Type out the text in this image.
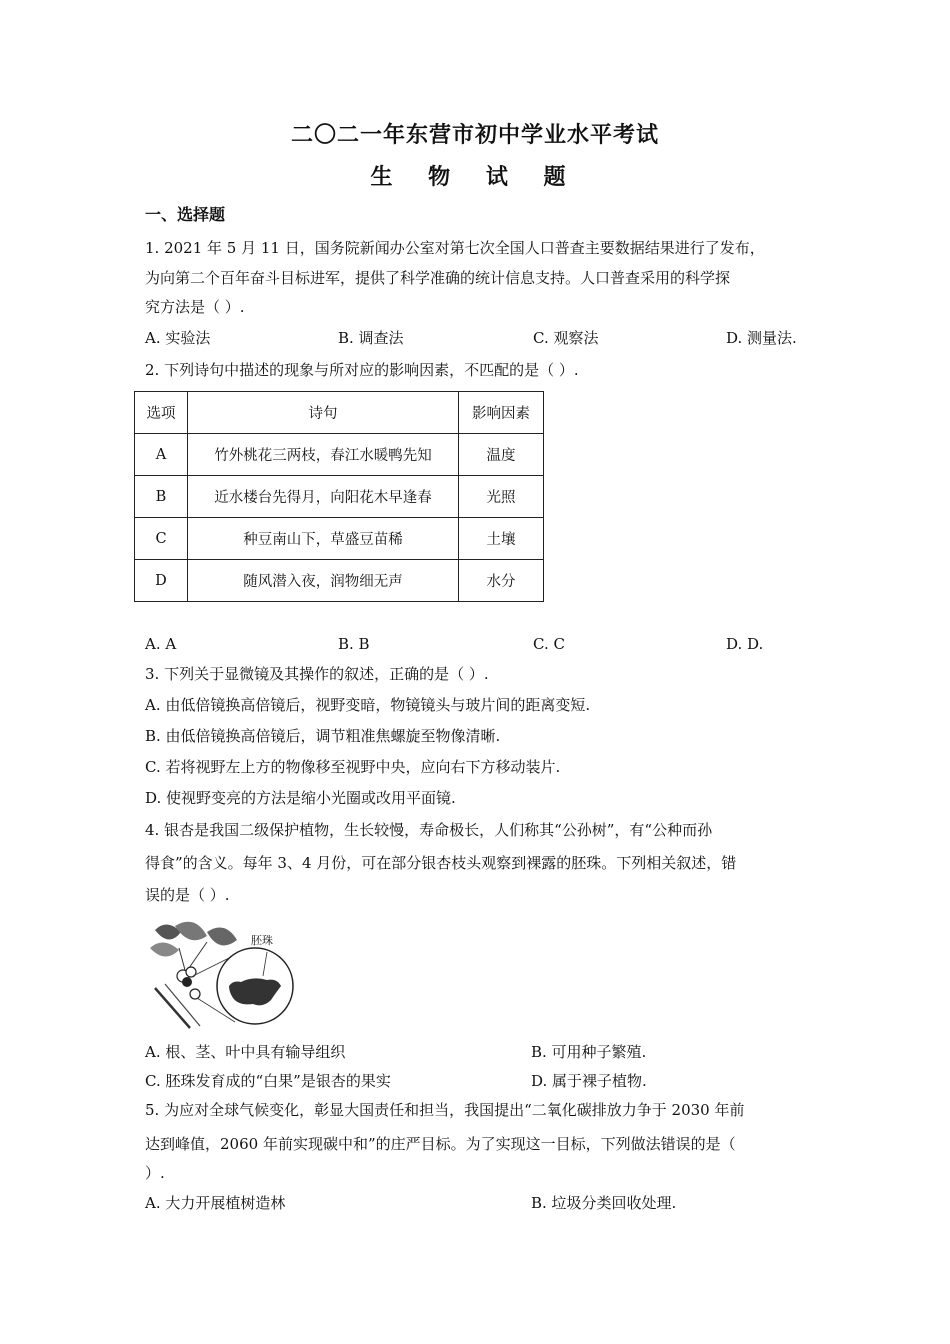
二〇二一年东营市初中学业水平考试
生 物 试 题
一、选择题
1. 2021 年 5 月 11 日，国务院新闻办公室对第七次全国人口普查主要数据结果进行了发布，
为向第二个百年奋斗目标进军，提供了科学准确的统计信息支持。人口普查采用的科学探
究方法是（ ）.
A. 实验法	B. 调查法	C. 观察法	D. 测量法.
2. 下列诗句中描述的现象与所对应的影响因素，不匹配的是（ ）.
选项	诗句	影响因素
A	竹外桃花三两枝，春江水暖鸭先知	温度
B	近水楼台先得月，向阳花木早逢春	光照
C	种豆南山下，草盛豆苗稀	土壤
D	随风潜入夜，润物细无声	水分
A. A	B. B	C. C	D. D.
3. 下列关于显微镜及其操作的叙述，正确的是（ ）.
A. 由低倍镜换高倍镜后，视野变暗，物镜镜头与玻片间的距离变短.
B. 由低倍镜换高倍镜后，调节粗准焦螺旋至物像清晰.
C. 若将视野左上方的物像移至视野中央，应向右下方移动装片.
D. 使视野变亮的方法是缩小光圈或改用平面镜.
4. 银杏是我国二级保护植物，生长较慢，寿命极长，人们称其“公孙树”，有“公种而孙
得食”的含义。每年 3、4 月份，可在部分银杏枝头观察到裸露的胚珠。下列相关叙述，错
误的是（ ）.
胚珠
A. 根、茎、叶中具有输导组织	B. 可用种子繁殖.
C. 胚珠发育成的“白果”是银杏的果实	D. 属于裸子植物.
5. 为应对全球气候变化，彰显大国责任和担当，我国提出“二氧化碳排放力争于 2030 年前
达到峰值，2060 年前实现碳中和”的庄严目标。为了实现这一目标，下列做法错误的是（
）.
A. 大力开展植树造林	B. 垃圾分类回收处理.
